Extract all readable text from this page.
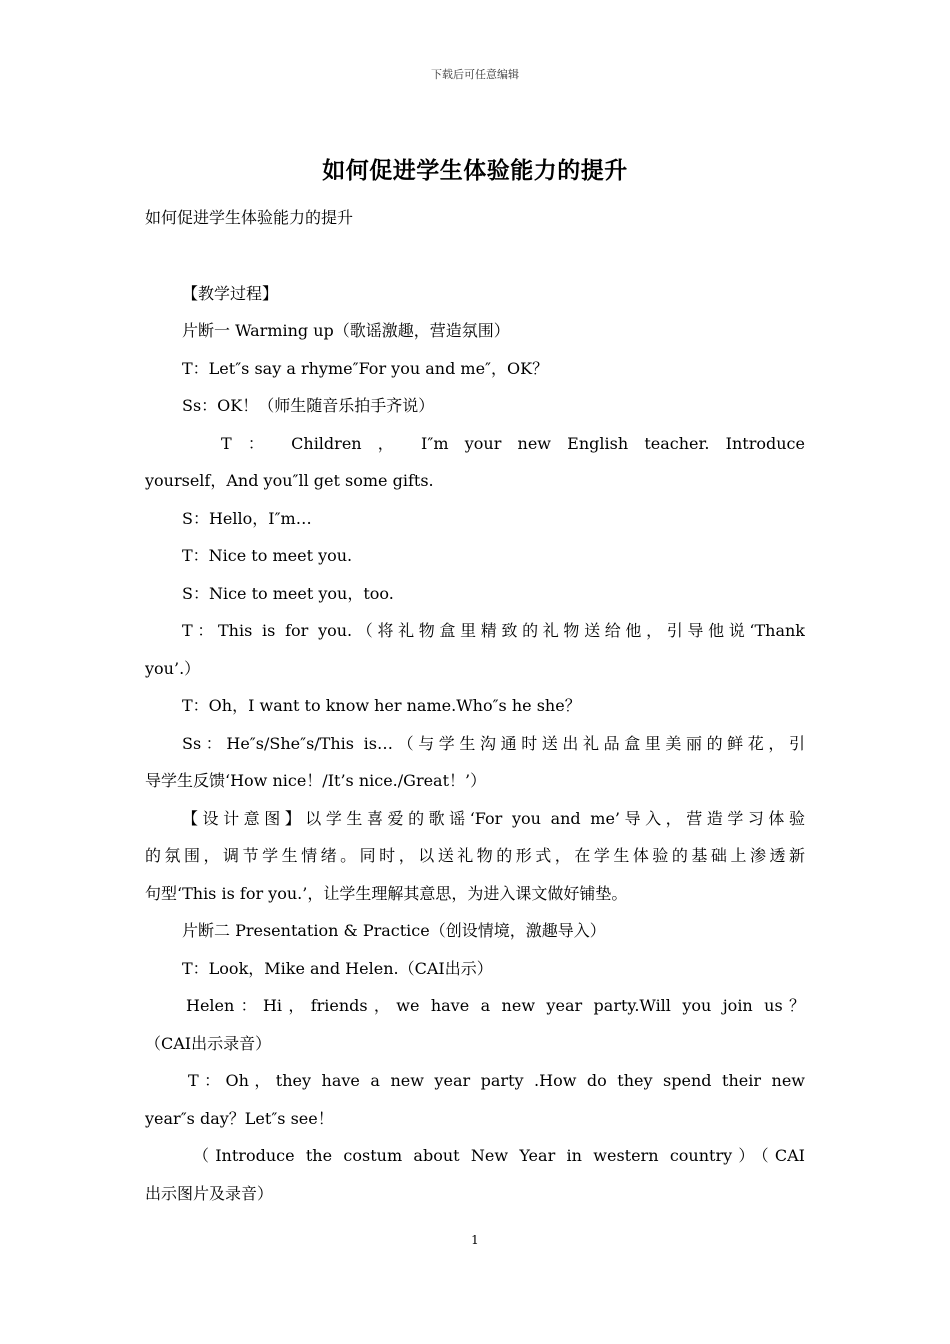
下载后可任意编辑
如何促进学生体验能力的提升

如何促进学生体验能力的提升

【教学过程】

片断一 Warming up（歌谣激趣，营造氛围）

T：Let″s say a rhyme″For you and me″，OK？

Ss：OK！（师生随音乐拍手齐说）

T ： Children ， I″m your new English teacher. Introduce

yourself，And you″ll get some gifts.

S：Hello，I″m…

T：Nice to meet you.

S：Nice to meet you，too.

T：This is for you.（将礼物盒里精致的礼物送给他，引导他说‘Thank

you’.）

T：Oh，I want to know her name.Who″s he she？

Ss：He″s/She″s/This is…（与学生沟通时送出礼品盒里美丽的鲜花，引

导学生反馈‘How nice！/It’s nice./Great！’）

【设计意图】以学生喜爱的歌谣‘For you and me’导入，营造学习体验

的氛围，调节学生情绪。同时，以送礼物的形式，在学生体验的基础上渗透新

句型‘This is for you.’，让学生理解其意思，为进入课文做好铺垫。

片断二 Presentation & Practice（创设情境，激趣导入）

T：Look，Mike and Helen.（CAI出示）

Helen：Hi，friends，we have a new year party.Will you join us？

（CAI出示录音）

T：Oh，they have a new year party .How do they spend their new

year″s day？Let″s see！

（Introduce the costum about New Year in western country）（CAI

出示图片及录音）

1
